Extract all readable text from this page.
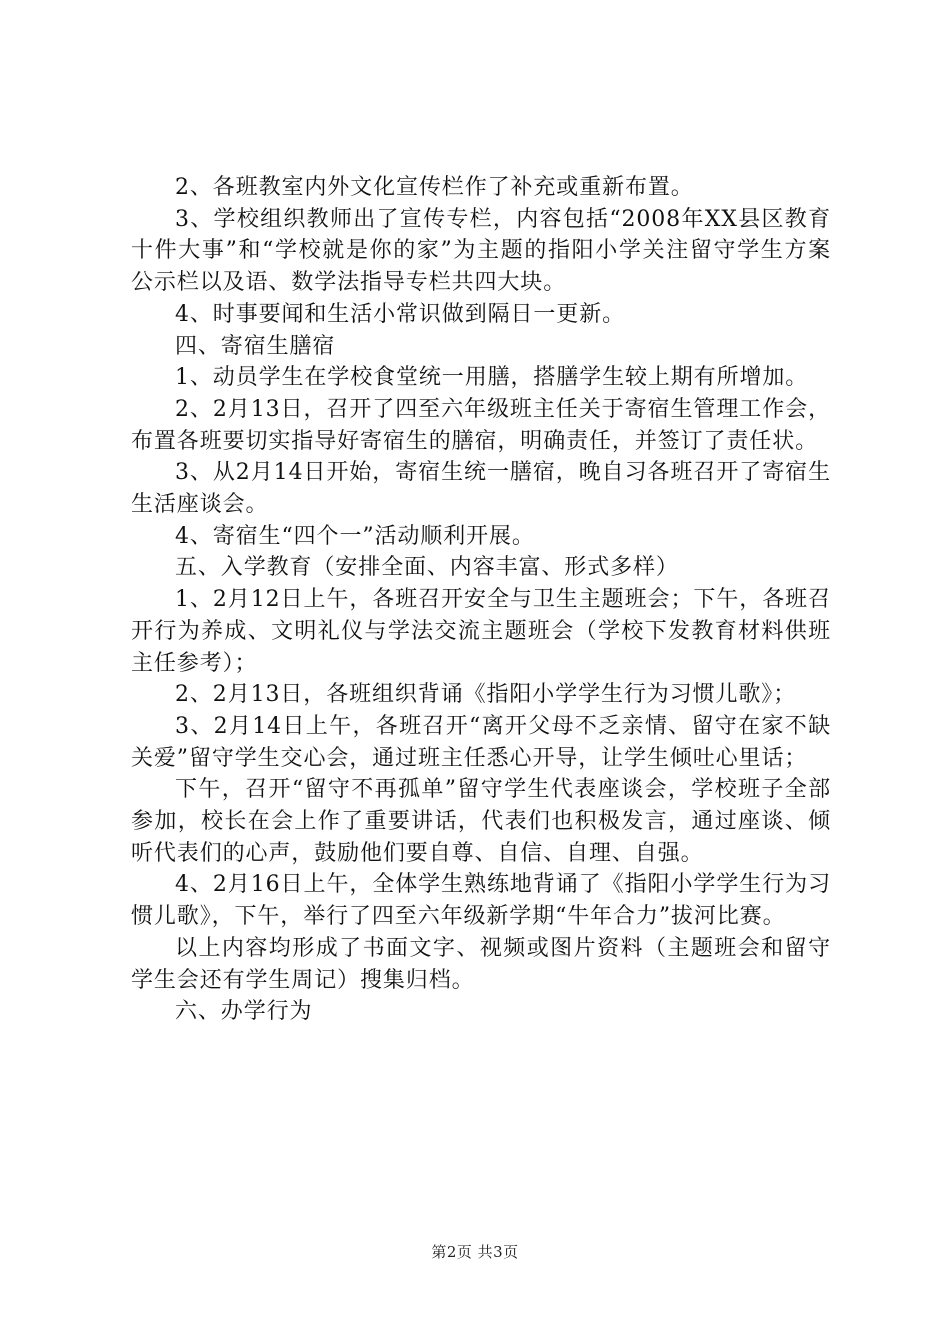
2、各班教室内外文化宣传栏作了补充或重新布置。

3、学校组织教师出了宣传专栏，内容包括“2008年XX县区教育十件大事”和“学校就是你的家”为主题的指阳小学关注留守学生方案公示栏以及语、数学法指导专栏共四大块。

4、时事要闻和生活小常识做到隔日一更新。

四、寄宿生膳宿

1、动员学生在学校食堂统一用膳，搭膳学生较上期有所增加。

2、2月13日，召开了四至六年级班主任关于寄宿生管理工作会，布置各班要切实指导好寄宿生的膳宿，明确责任，并签订了责任状。

3、从2月14日开始，寄宿生统一膳宿，晚自习各班召开了寄宿生生活座谈会。

4、寄宿生“四个一”活动顺利开展。

五、入学教育（安排全面、内容丰富、形式多样）

1、2月12日上午，各班召开安全与卫生主题班会；下午，各班召开行为养成、文明礼仪与学法交流主题班会（学校下发教育材料供班主任参考）；

2、2月13日，各班组织背诵《指阳小学学生行为习惯儿歌》；

3、2月14日上午，各班召开“离开父母不乏亲情、留守在家不缺关爱”留守学生交心会，通过班主任悉心开导，让学生倾吐心里话；

下午，召开“留守不再孤单”留守学生代表座谈会，学校班子全部参加，校长在会上作了重要讲话，代表们也积极发言，通过座谈、倾听代表们的心声，鼓励他们要自尊、自信、自理、自强。

4、2月16日上午，全体学生熟练地背诵了《指阳小学学生行为习惯儿歌》，下午，举行了四至六年级新学期“牛年合力”拔河比赛。

以上内容均形成了书面文字、视频或图片资料（主题班会和留守学生会还有学生周记）搜集归档。

六、办学行为

第2页 共3页
